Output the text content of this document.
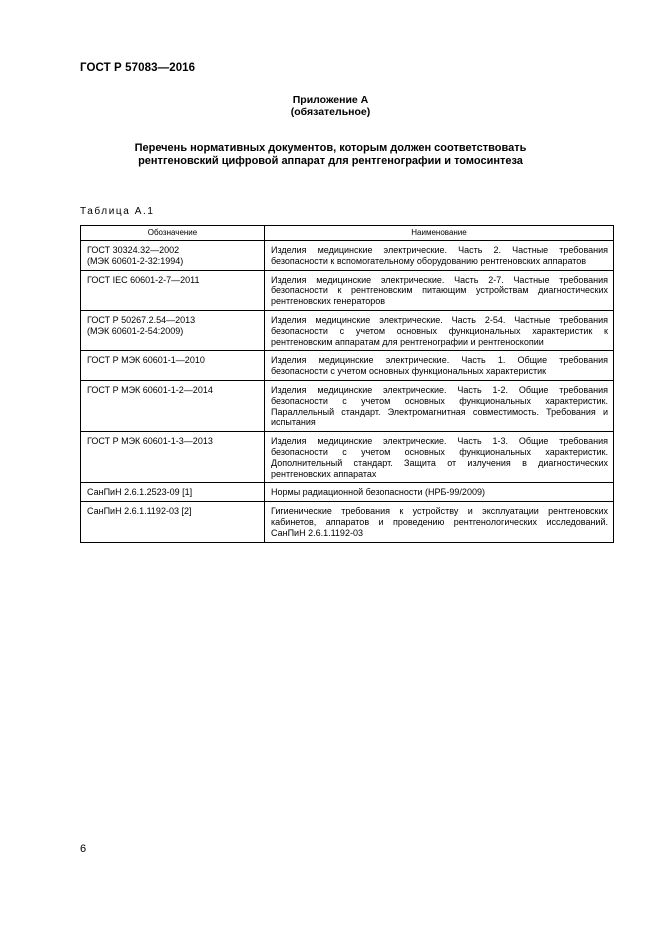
ГОСТ Р 57083—2016
Приложение А
(обязательное)
Перечень нормативных документов, которым должен соответствовать
рентгеновский цифровой аппарат для рентгенографии и томосинтеза
Таблица А.1
Обозначение	Наименование

ГОСТ 30324.32—2002
(МЭК 60601-2-32:1994)	Изделия медицинские электрические. Часть 2. Частные требования безопасности к вспомогательному оборудованию рентгеновских аппаратов

ГОСТ IEC 60601-2-7—2011	Изделия медицинские электрические. Часть 2-7. Частные требования безопасности к рентгеновским питающим устройствам диагностических рентгеновских генераторов

ГОСТ Р 50267.2.54—2013
(МЭК 60601-2-54:2009)	Изделия медицинские электрические. Часть 2-54. Частные требования безопасности с учетом основных функциональных характеристик к рентгеновским аппаратам для рентгенографии и рентгеноскопии

ГОСТ Р МЭК 60601-1—2010	Изделия медицинские электрические. Часть 1. Общие требования безопасности с учетом основных функциональных характеристик

ГОСТ Р МЭК 60601-1-2—2014	Изделия медицинские электрические. Часть 1-2. Общие требования безопасности с учетом основных функциональных характеристик. Параллельный стандарт. Электромагнитная совместимость. Требования и испытания

ГОСТ Р МЭК 60601-1-3—2013	Изделия медицинские электрические. Часть 1-3. Общие требования безопасности с учетом основных функциональных характеристик. Дополнительный стандарт. Защита от излучения в диагностических рентгеновских аппаратах

СанПиН 2.6.1.2523-09 [1]	Нормы радиационной безопасности (НРБ-99/2009)

СанПиН 2.6.1.1192-03 [2]	Гигиенические требования к устройству и эксплуатации рентгеновских кабинетов, аппаратов и проведению рентгенологических исследований. СанПиН 2.6.1.1192-03
6
